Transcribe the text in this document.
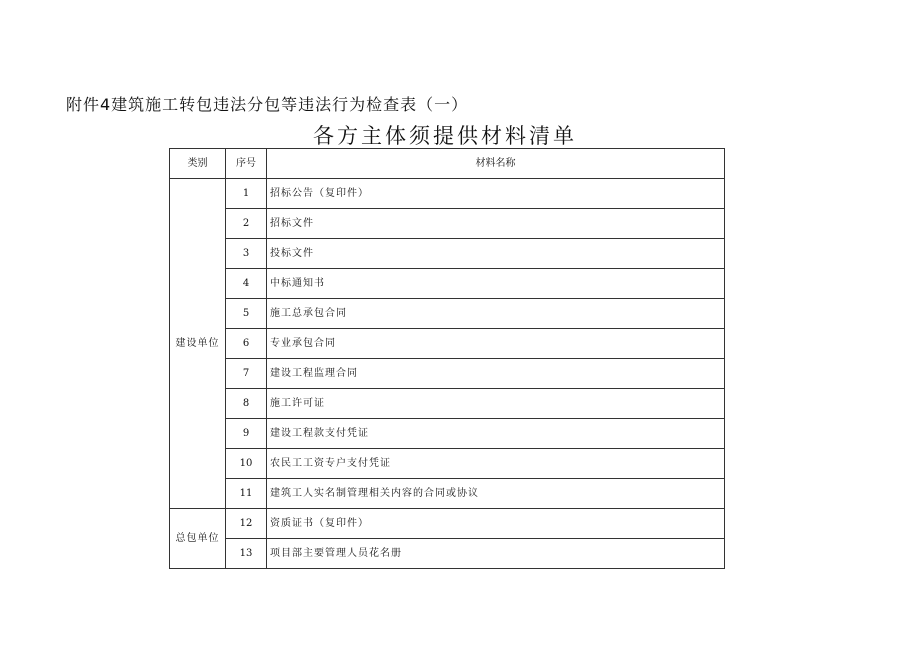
附件4建筑施工转包违法分包等违法行为检查表（一）
各方主体须提供材料清单
类别	序号	材料名称
建设单位	1	招标公告（复印件）
	2	招标文件
	3	投标文件
	4	中标通知书
	5	施工总承包合同
	6	专业承包合同
	7	建设工程监理合同
	8	施工许可证
	9	建设工程款支付凭证
	10	农民工工资专户支付凭证
	11	建筑工人实名制管理相关内容的合同或协议
总包单位	12	资质证书（复印件）
	13	项目部主要管理人员花名册
